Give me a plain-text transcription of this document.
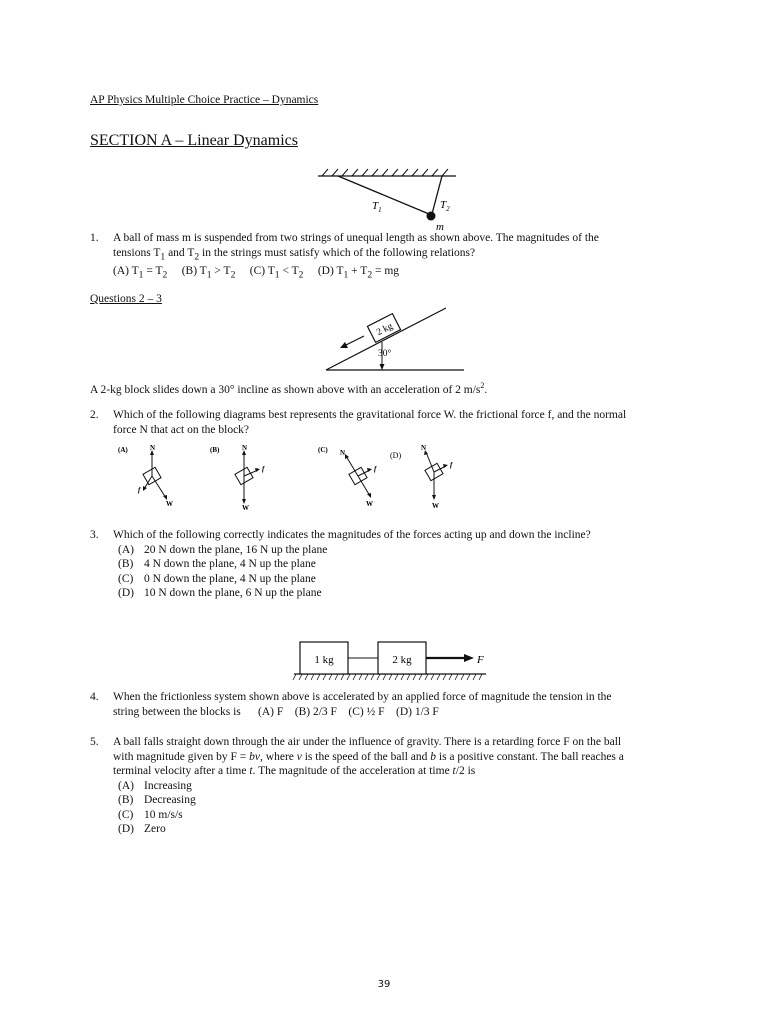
AP Physics Multiple Choice Practice – Dynamics
SECTION A – Linear Dynamics
$T_1$	$T_2$
m
1. A ball of mass m is suspended from two strings of unequal length as shown above. The magnitudes of the
tensions $T_1$ and $T_2$ in the strings must satisfy which of the following relations?
(A) $T_1 = T_2$ (B) $T_1 > T_2$ (C) $T_1 < T_2$ (D) $T_1 + T_2$ = mg
Questions 2 – 3
2 kg
30°
A 2-kg block slides down a 30° incline as shown above with an acceleration of 2 $m/s^2$.
2. Which of the following diagrams best represents the gravitational force W. the frictional force f, and the normal
force N that act on the block?
(A)	N
W
f
(B)	N
W
f
(C) N
W
f
(D)
N
W
f
3. Which of the following correctly indicates the magnitudes of the forces acting up and down the incline?
(A) 20 N down the plane, 16 N up the plane
(B) 4 N down the plane, 4 N up the plane
(C) 0 N down the plane, 4 N up the plane
(D) 10 N down the plane, 6 N up the plane
1 kg	2 kg	F
4. When the frictionless system shown above is accelerated by an applied force of magnitude the tension in the
string between the blocks is      (A) F    (B) 2/3 F    (C) ½ F    (D) 1/3 F
5. A ball falls straight down through the air under the influence of gravity. There is a retarding force F on the ball
with magnitude given by F = bv, where v is the speed of the ball and b is a positive constant. The ball reaches a
terminal velocity after a time t. The magnitude of the acceleration at time t/2 is
(A) Increasing
(B) Decreasing
(C) 10 m/s/s
(D) Zero
39
